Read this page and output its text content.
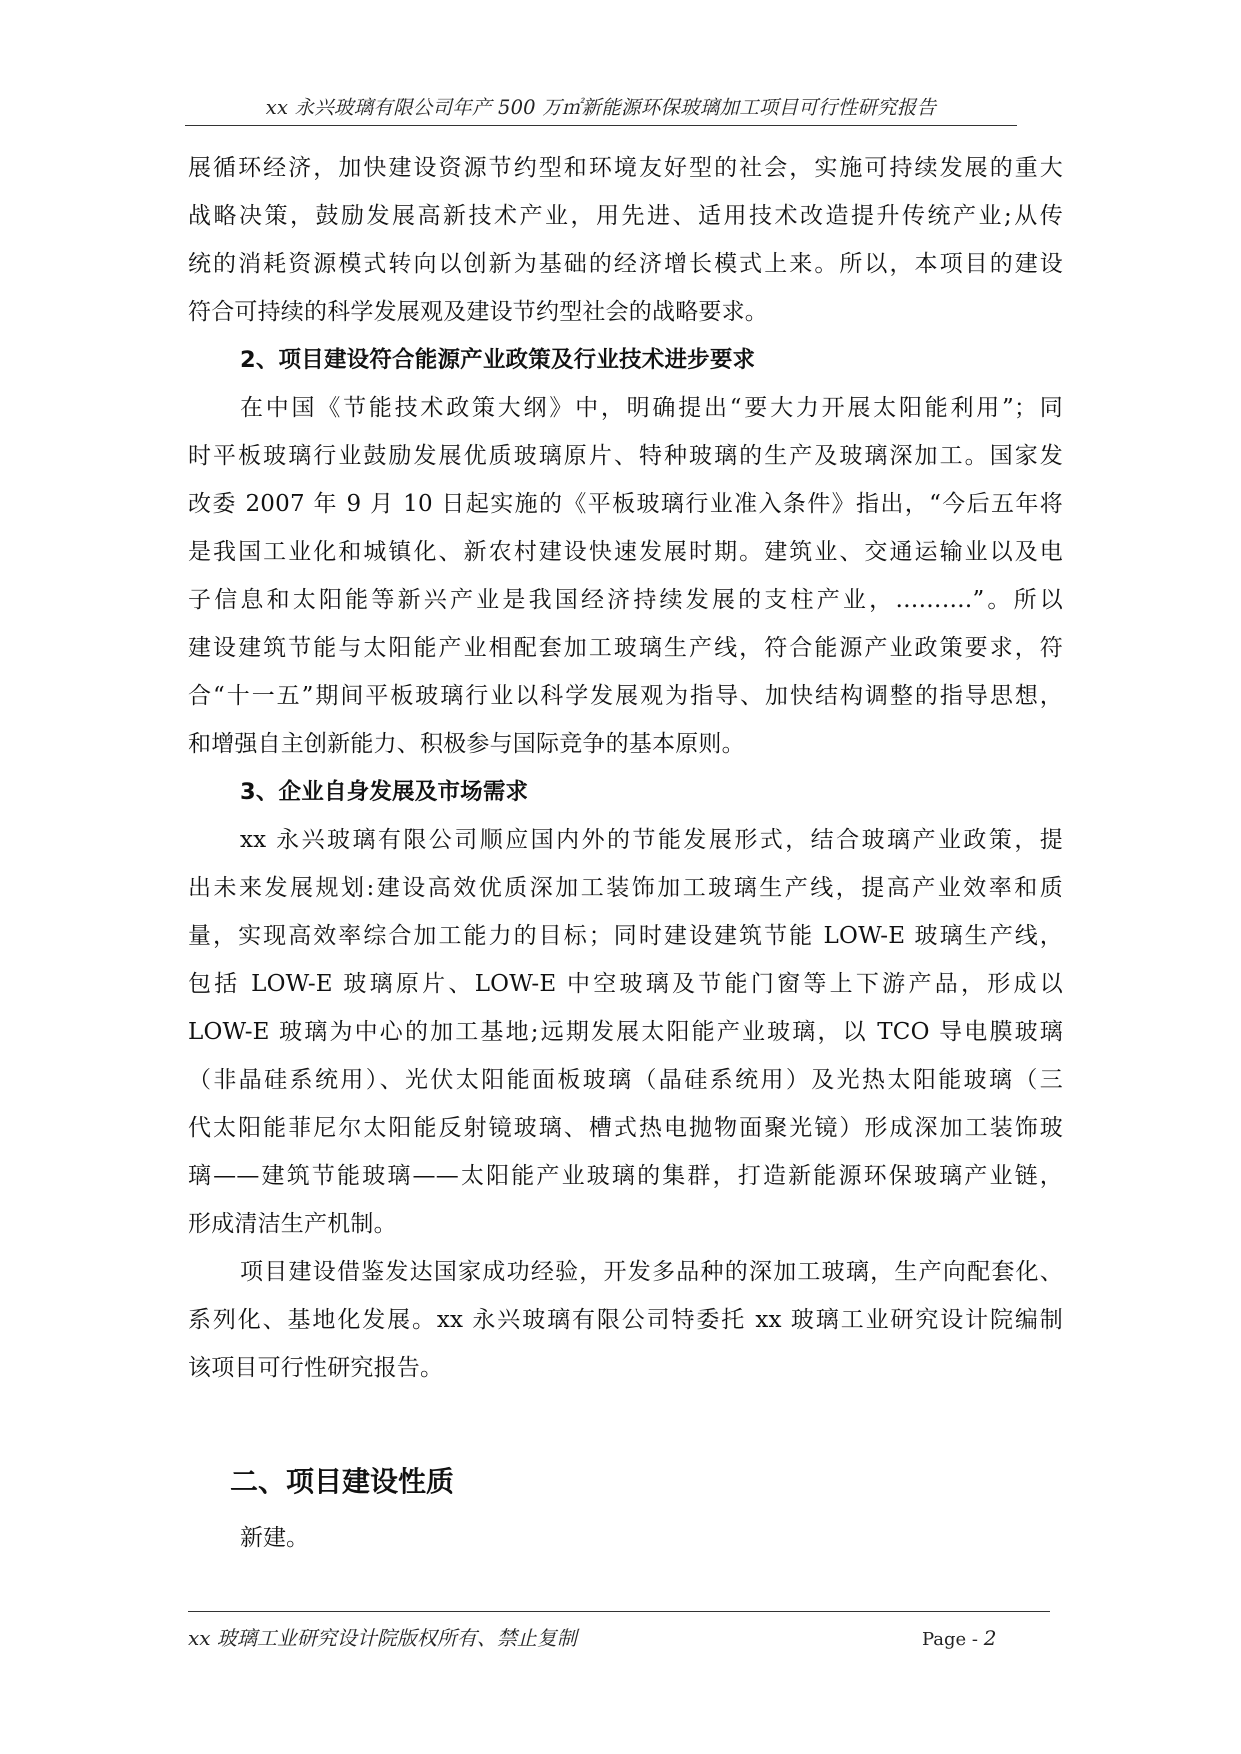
xx 永兴玻璃有限公司年产 500 万㎡新能源环保玻璃加工项目可行性研究报告
展循环经济，加快建设资源节约型和环境友好型的社会，实施可持续发展的重大
战略决策，鼓励发展高新技术产业，用先进、适用技术改造提升传统产业;从传
统的消耗资源模式转向以创新为基础的经济增长模式上来。所以，本项目的建设
符合可持续的科学发展观及建设节约型社会的战略要求。
2、项目建设符合能源产业政策及行业技术进步要求
在中国《节能技术政策大纲》中，明确提出“要大力开展太阳能利用”；同
时平板玻璃行业鼓励发展优质玻璃原片、特种玻璃的生产及玻璃深加工。国家发
改委 2007 年 9 月 10 日起实施的《平板玻璃行业准入条件》指出，“今后五年将
是我国工业化和城镇化、新农村建设快速发展时期。建筑业、交通运输业以及电
子信息和太阳能等新兴产业是我国经济持续发展的支柱产业，……….”。所以
建设建筑节能与太阳能产业相配套加工玻璃生产线，符合能源产业政策要求，符
合“十一五”期间平板玻璃行业以科学发展观为指导、加快结构调整的指导思想，
和增强自主创新能力、积极参与国际竞争的基本原则。
3、企业自身发展及市场需求
xx 永兴玻璃有限公司顺应国内外的节能发展形式，结合玻璃产业政策，提
出未来发展规划:建设高效优质深加工装饰加工玻璃生产线，提高产业效率和质
量，实现高效率综合加工能力的目标；同时建设建筑节能 LOW-E 玻璃生产线，
包括 LOW-E 玻璃原片、LOW-E 中空玻璃及节能门窗等上下游产品，形成以
LOW-E 玻璃为中心的加工基地;远期发展太阳能产业玻璃，以 TCO 导电膜玻璃
（非晶硅系统用）、光伏太阳能面板玻璃（晶硅系统用）及光热太阳能玻璃（三
代太阳能菲尼尔太阳能反射镜玻璃、槽式热电抛物面聚光镜）形成深加工装饰玻
璃——建筑节能玻璃——太阳能产业玻璃的集群，打造新能源环保玻璃产业链，
形成清洁生产机制。
项目建设借鉴发达国家成功经验，开发多品种的深加工玻璃，生产向配套化、
系列化、基地化发展。xx 永兴玻璃有限公司特委托 xx 玻璃工业研究设计院编制
该项目可行性研究报告。
二、项目建设性质
新建。
xx 玻璃工业研究设计院版权所有、禁止复制	Page - 2
